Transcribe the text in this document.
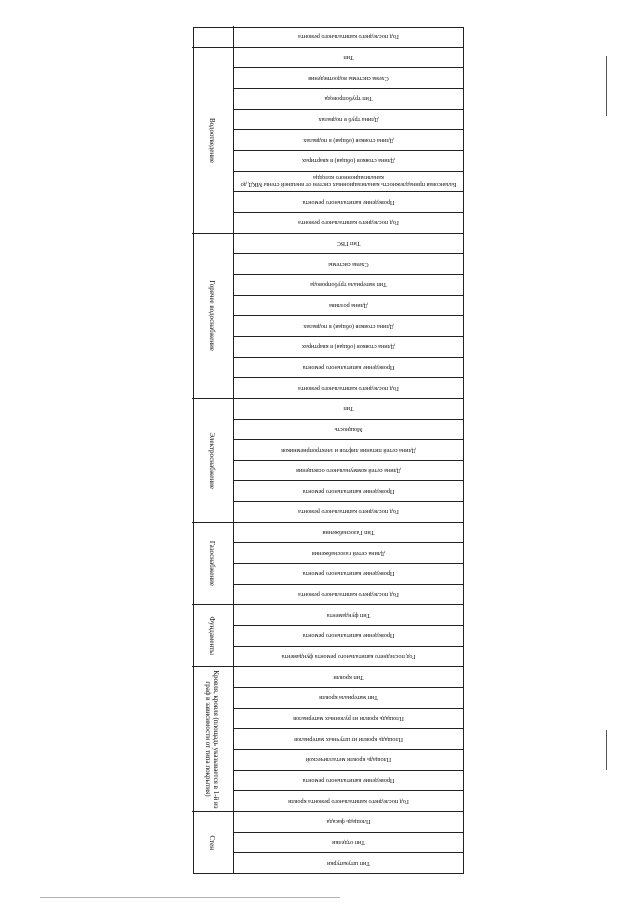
Тип штукатурки
Тип отделки
Площадь фасада
Стен
Год последнего капитального ремонта кровли
Проведение капитального ремонта
Площадь кровли металлической
Площадь кровли из штучных материалов
Площадь кровли из рулонных материалов
Тип материала кровли
Тип кровли
Кровля, кровля (площадь указывается в 1-й из граф в зависимости от типа покрытия)
Год последнего капитального ремонта фундамента
Проведение капитального ремонта
Тип фундамента
Фундаменты
Год последнего капитального ремонта
Проведение капитального ремонта
Длина сетей газоснабжения
Тип Газоснабжения
Газоснабжение
Год последнего капитального ремонта
Проведение капитального ремонта
Длина сетей коммунального освещения
Длина сетей питания лифтов и электроприемников
Мощность
Тип
Электроснабжение
Год последнего капитального ремонта
Проведение капитального ремонта
Длина стояков (общая) в квартирах
Длина стояков (общая) в подвалах
Длина розлива
Тип материала трубопровода
Схема системы
Тип ГВС
Горячее водоснабжение
Год последнего капитального ремонта
Проведение капитального ремонта
Балансовая принадлежность канализационных систем от внешней стены МКД до канализационного колодца
Длина стояков (общая) в квартирах
Длина стояков (общая) в подвалах
Длина труб в подвалах
Тип трубопровода
Схема системы водоотведения
Тип
Водоотведение
Год последнего капитального ремонта
